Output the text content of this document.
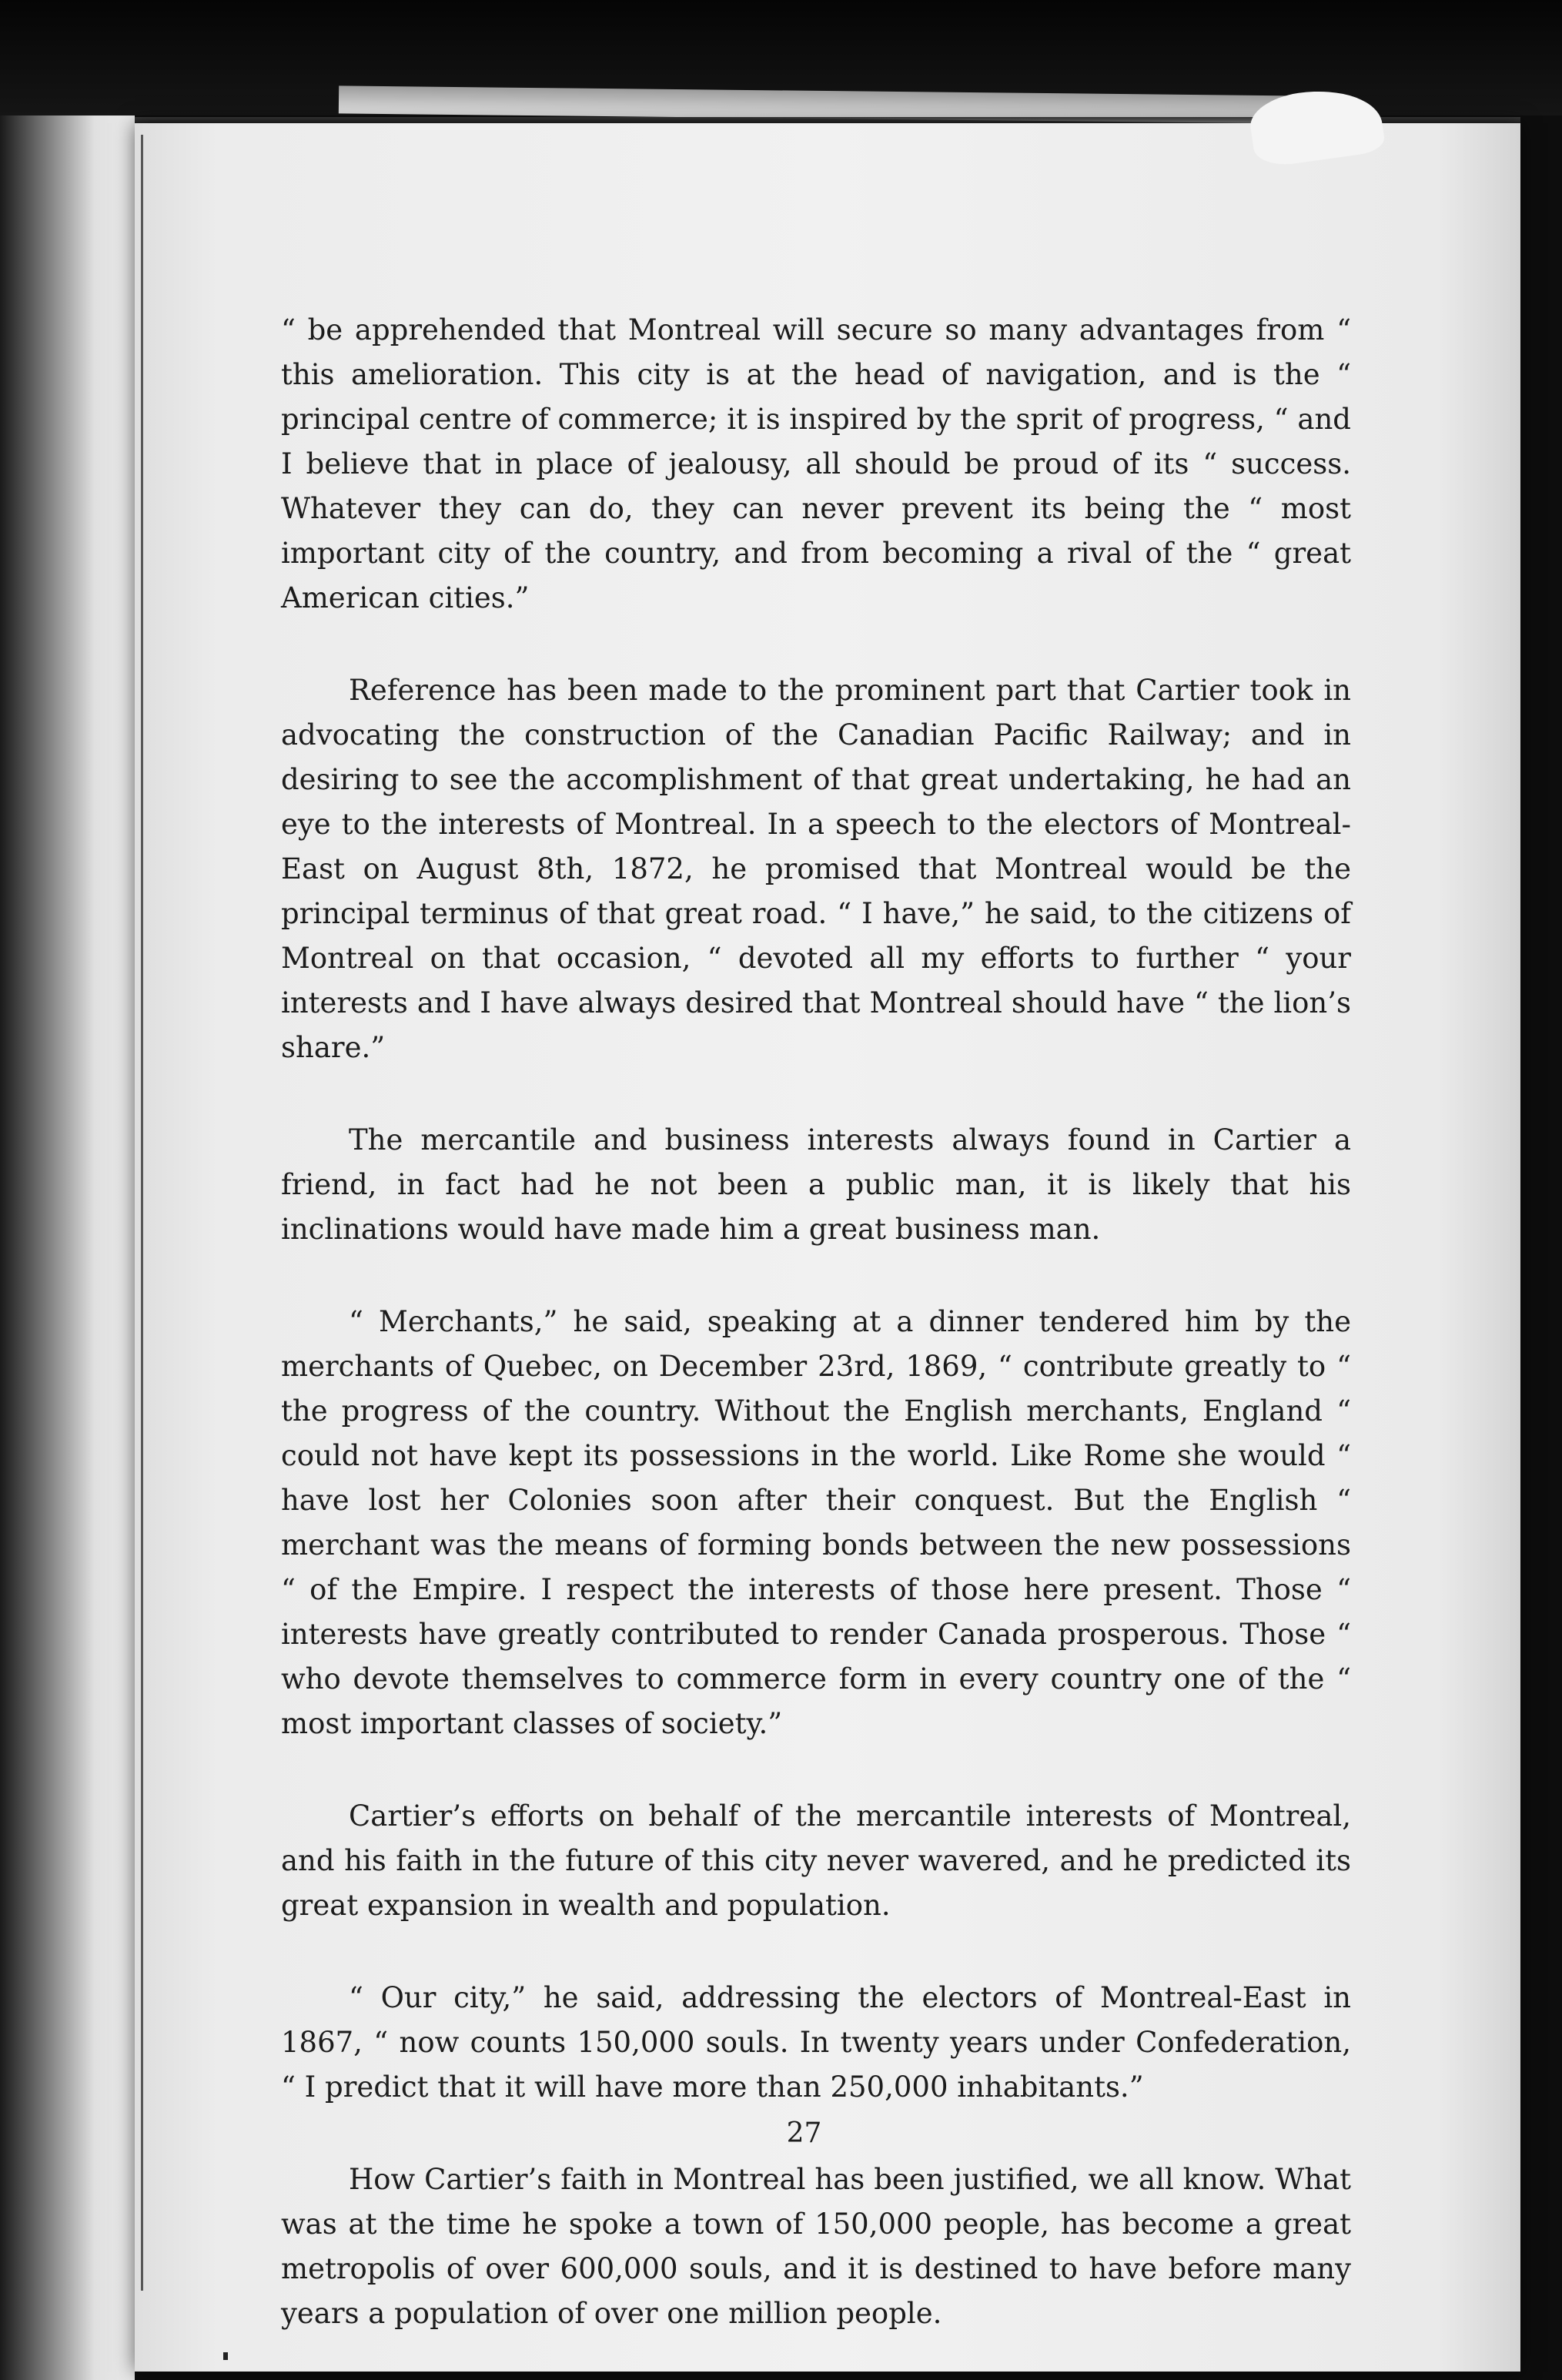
“ be apprehended that Montreal will secure so many advantages from “ this amelioration. This city is at the head of navigation, and is the “ principal centre of commerce; it is inspired by the sprit of progress, “ and I believe that in place of jealousy, all should be proud of its “ success. Whatever they can do, they can never prevent its being the “ most important city of the country, and from becoming a rival of the “ great American cities.”

Reference has been made to the prominent part that Cartier took in advocating the construction of the Canadian Pacific Railway; and in desiring to see the accomplishment of that great undertaking, he had an eye to the interests of Montreal. In a speech to the electors of Montreal-East on August 8th, 1872, he promised that Montreal would be the principal terminus of that great road. “ I have,” he said, to the citizens of Montreal on that occasion, “ devoted all my efforts to further “ your interests and I have always desired that Montreal should have “ the lion’s share.”

The mercantile and business interests always found in Cartier a friend, in fact had he not been a public man, it is likely that his inclinations would have made him a great business man.

“ Merchants,” he said, speaking at a dinner tendered him by the merchants of Quebec, on December 23rd, 1869, “ contribute greatly to “ the progress of the country. Without the English merchants, England “ could not have kept its possessions in the world. Like Rome she would “ have lost her Colonies soon after their conquest. But the English “ merchant was the means of forming bonds between the new possessions “ of the Empire. I respect the interests of those here present. Those “ interests have greatly contributed to render Canada prosperous. Those “ who devote themselves to commerce form in every country one of the “ most important classes of society.”

Cartier’s efforts on behalf of the mercantile interests of Montreal, and his faith in the future of this city never wavered, and he predicted its great expansion in wealth and population.

“ Our city,” he said, addressing the electors of Montreal-East in 1867, “ now counts 150,000 souls. In twenty years under Confederation, “ I predict that it will have more than 250,000 inhabitants.”

How Cartier’s faith in Montreal has been justified, we all know. What was at the time he spoke a town of 150,000 people, has become a great metropolis of over 600,000 souls, and it is destined to have before many years a population of over one million people.

27
